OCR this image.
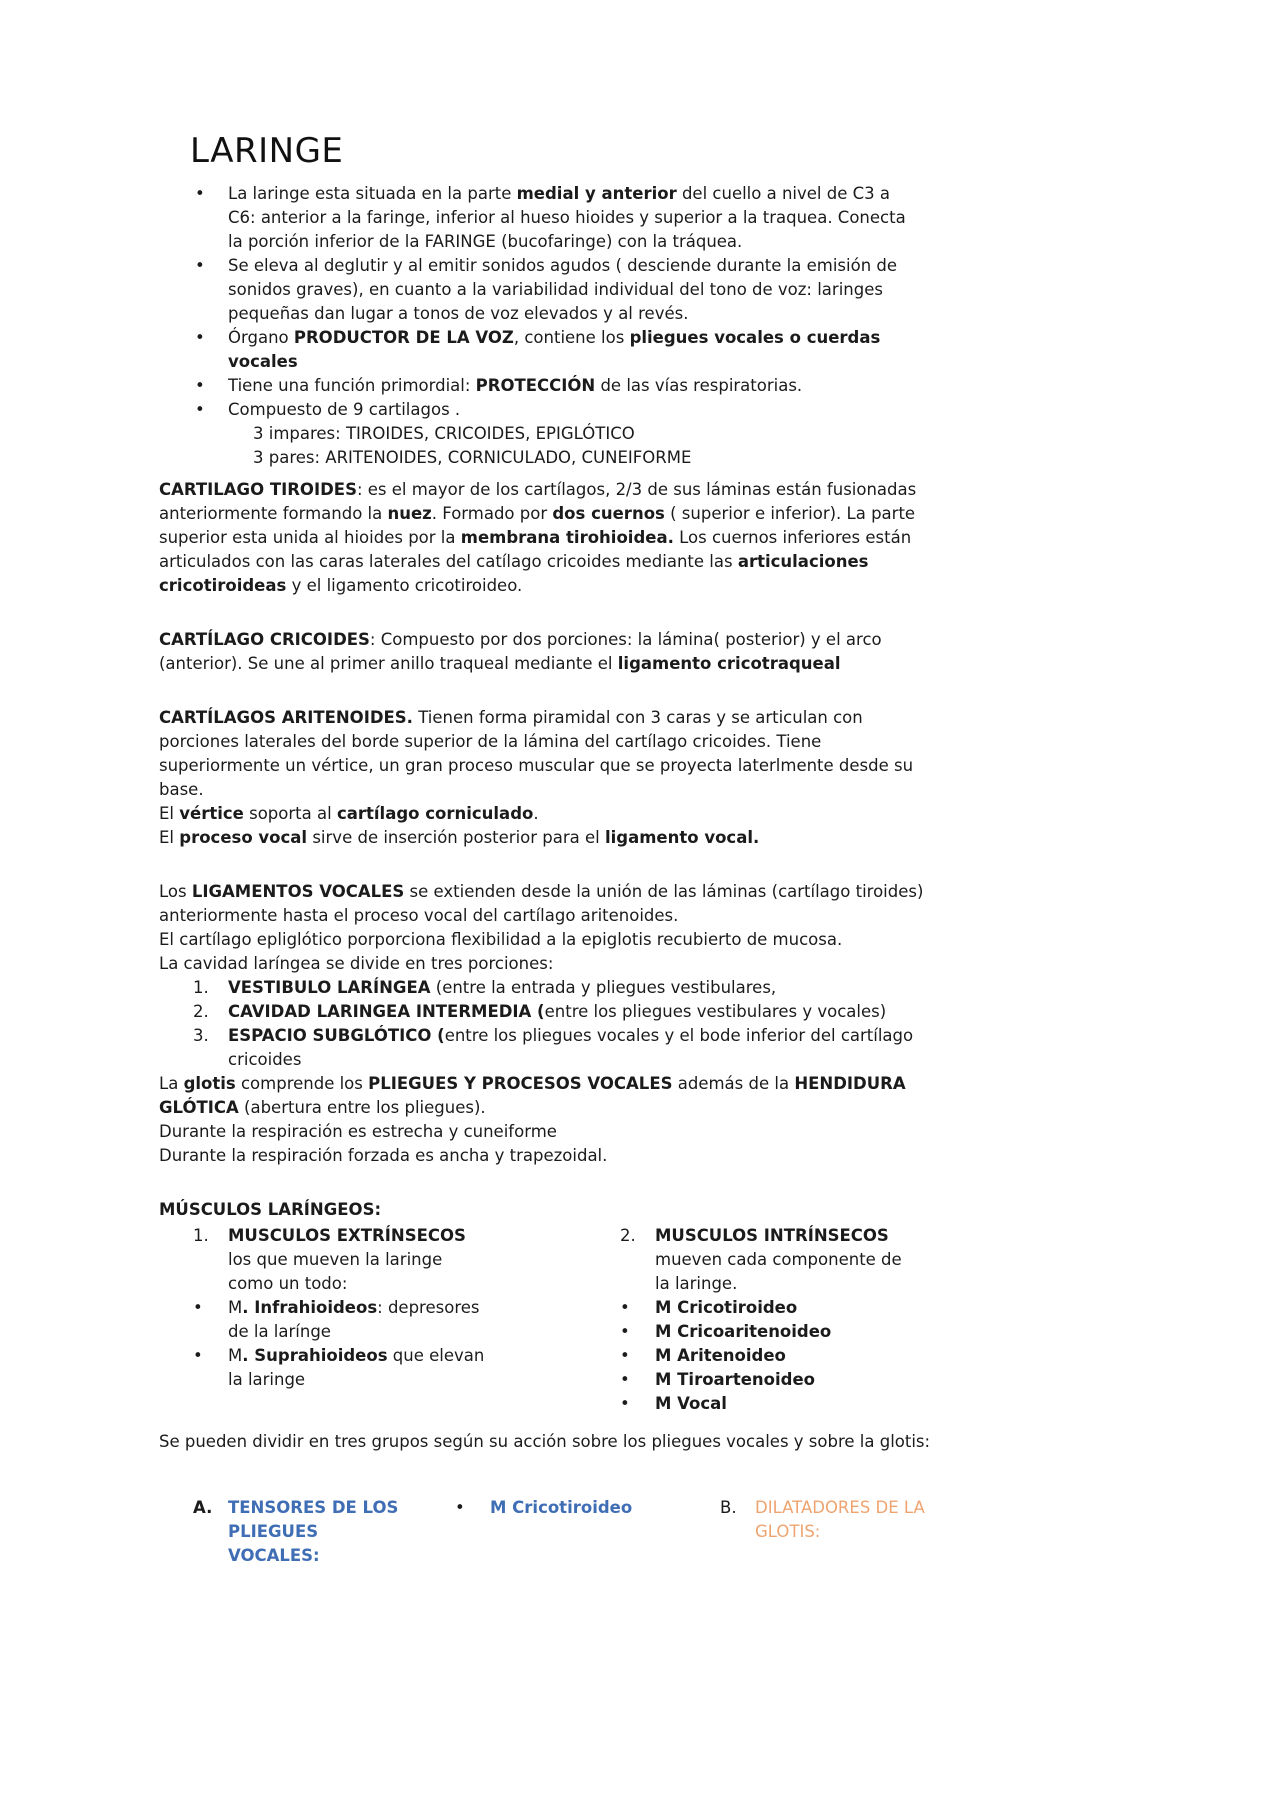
LARINGE
•	La laringe esta situada en la parte medial y anterior del cuello a nivel de C3 a C6: anterior a la faringe, inferior al hueso hioides y superior a la traquea. Conecta la porción inferior de la FARINGE (bucofaringe) con la tráquea.
•	Se eleva al deglutir y al emitir sonidos agudos ( desciende durante la emisión de sonidos graves), en cuanto a la variabilidad individual del tono de voz: laringes pequeñas dan lugar a tonos de voz elevados y al revés.
•	Órgano PRODUCTOR DE LA VOZ, contiene los pliegues vocales o cuerdas vocales
•	Tiene una función primordial: PROTECCIÓN de las vías respiratorias.
•	Compuesto de 9 cartilagos .

3 impares: TIROIDES, CRICOIDES, EPIGLÓTICO

3 pares: ARITENOIDES, CORNICULADO, CUNEIFORME

CARTILAGO TIROIDES: es el mayor de los cartílagos, 2/3 de sus láminas están fusionadas anteriormente formando la nuez. Formado por dos cuernos ( superior e inferior). La parte superior esta unida al hioides por la membrana tirohioidea. Los cuernos inferiores están articulados con las caras laterales del catílago cricoides mediante las articulaciones cricotiroideas y el ligamento cricotiroideo.

CARTÍLAGO CRICOIDES: Compuesto por dos porciones: la lámina( posterior) y el arco (anterior). Se une al primer anillo traqueal mediante el ligamento cricotraqueal

CARTÍLAGOS ARITENOIDES. Tienen forma piramidal con 3 caras y se articulan con porciones laterales del borde superior de la lámina del cartílago cricoides. Tiene superiormente un vértice, un gran proceso muscular que se proyecta laterlmente desde su base.

El vértice soporta al cartílago corniculado.

El proceso vocal sirve de inserción posterior para el ligamento vocal.

Los LIGAMENTOS VOCALES se extienden desde la unión de las láminas (cartílago tiroides) anteriormente hasta el proceso vocal del cartílago aritenoides.

El cartílago epliglótico porporciona flexibilidad a la epiglotis recubierto de mucosa.

La cavidad laríngea se divide en tres porciones:

1.	VESTIBULO LARÍNGEA (entre la entrada y pliegues vestibulares,
2.	CAVIDAD LARINGEA INTERMEDIA (entre los pliegues vestibulares y vocales)
3.	ESPACIO SUBGLÓTICO (entre los pliegues vocales y el bode inferior del cartílago cricoides

La glotis comprende los PLIEGUES Y PROCESOS VOCALES además de la HENDIDURA GLÓTICA (abertura entre los pliegues).

Durante la respiración es estrecha y cuneiforme

Durante la respiración forzada es ancha y trapezoidal.

MÚSCULOS LARÍNGEOS:

1.	MUSCULOS EXTRÍNSECOS
los que mueven la laringe como un todo:
•	M. Infrahioideos: depresores de la larínge
•	M. Suprahioideos que elevan la laringe
2.	MUSCULOS INTRÍNSECOS
mueven cada componente de la laringe.
•	M Cricotiroideo
•	M Cricoaritenoideo
•	M Aritenoideo
•	M Tiroartenoideo
•	M Vocal

Se pueden dividir en tres grupos según su acción sobre los pliegues vocales y sobre la glotis:

A. TENSORES DE LOS PLIEGUES VOCALES:
•	M Cricotiroideo	B.	DILATADORES DE LA GLOTIS:
